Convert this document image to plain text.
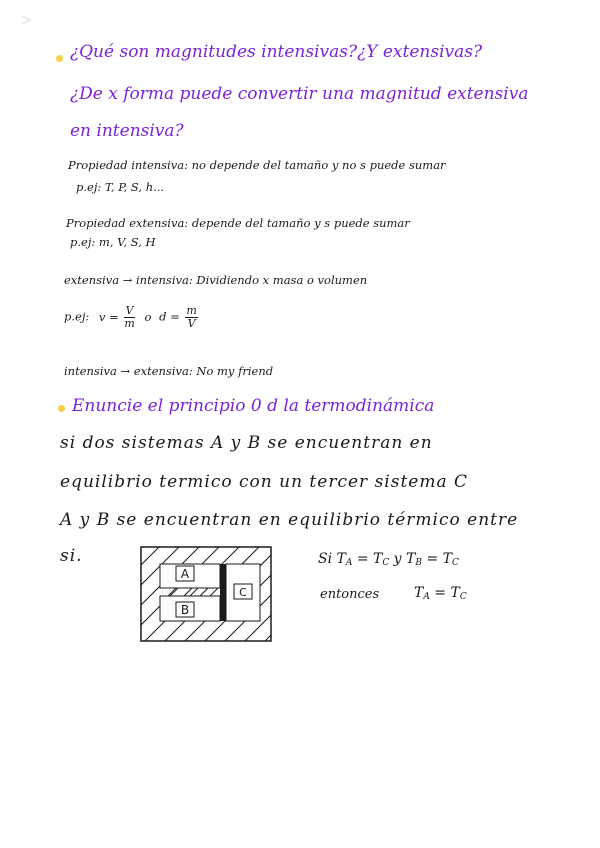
¿Qué son magnitudes intensivas?¿Y extensivas?
¿De x forma puede convertir una magnitud extensiva
en intensiva?
Propiedad intensiva: no depende del tamaño y no s puede sumar
p.ej: T, P, S, h...
Propiedad extensiva: depende del tamaño y s puede sumar
p.ej: m, V, S, H
extensiva → intensiva: Dividiendo x masa o volumen
p.ej: $v = \frac{V}{m}$ o $d = \frac{m}{V}$
intensiva → extensiva: No my friend
Enuncie el principio 0 d la termodinámica
si dos sistemas A y B se encuentran en
equilibrio termico con un tercer sistema C
A y B se encuentran en equilibrio térmico entre
si.
A
B
C
Si $T_A = T_C$ y $T_B = T_C$
entonces $T_A = T_C$
